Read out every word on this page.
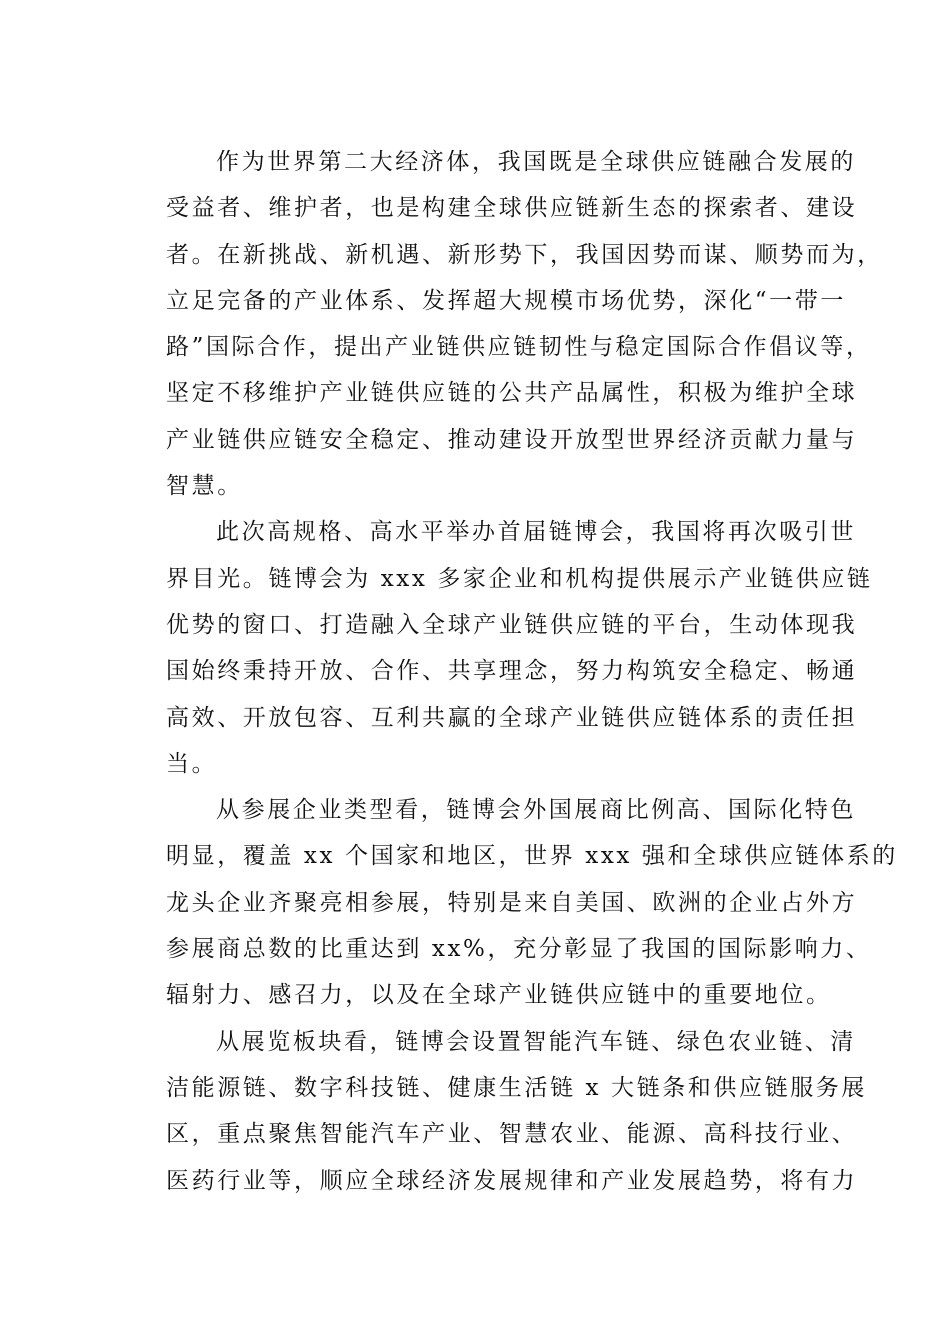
作为世界第二大经济体，我国既是全球供应链融合发展的
受益者、维护者，也是构建全球供应链新生态的探索者、建设
者。在新挑战、新机遇、新形势下，我国因势而谋、顺势而为，
立足完备的产业体系、发挥超大规模市场优势，深化“一带一
路”国际合作，提出产业链供应链韧性与稳定国际合作倡议等，
坚定不移维护产业链供应链的公共产品属性，积极为维护全球
产业链供应链安全稳定、推动建设开放型世界经济贡献力量与
智慧。
此次高规格、高水平举办首届链博会，我国将再次吸引世
界目光。链博会为 xxx 多家企业和机构提供展示产业链供应链
优势的窗口、打造融入全球产业链供应链的平台，生动体现我
国始终秉持开放、合作、共享理念，努力构筑安全稳定、畅通
高效、开放包容、互利共赢的全球产业链供应链体系的责任担
当。
从参展企业类型看，链博会外国展商比例高、国际化特色
明显，覆盖 xx 个国家和地区，世界 xxx 强和全球供应链体系的
龙头企业齐聚亮相参展，特别是来自美国、欧洲的企业占外方
参展商总数的比重达到 xx%，充分彰显了我国的国际影响力、
辐射力、感召力，以及在全球产业链供应链中的重要地位。
从展览板块看，链博会设置智能汽车链、绿色农业链、清
洁能源链、数字科技链、健康生活链 x 大链条和供应链服务展
区，重点聚焦智能汽车产业、智慧农业、能源、高科技行业、
医药行业等，顺应全球经济发展规律和产业发展趋势，将有力
